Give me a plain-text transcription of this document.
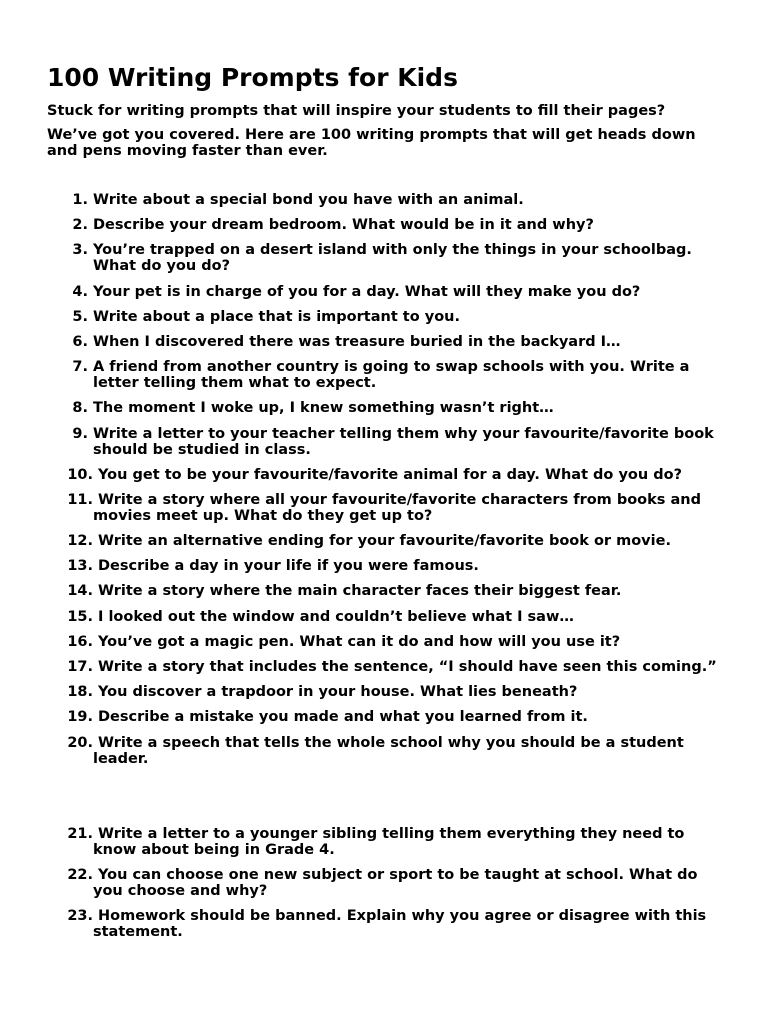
100 Writing Prompts for Kids

Stuck for writing prompts that will inspire your students to fill their pages?

We’ve got you covered. Here are 100 writing prompts that will get heads down and pens moving faster than ever.

1. Write about a special bond you have with an animal.
2. Describe your dream bedroom. What would be in it and why?
3. You’re trapped on a desert island with only the things in your schoolbag. What do you do?
4. Your pet is in charge of you for a day. What will they make you do?
5. Write about a place that is important to you.
6. When I discovered there was treasure buried in the backyard I…
7. A friend from another country is going to swap schools with you. Write a letter telling them what to expect.
8. The moment I woke up, I knew something wasn’t right…
9. Write a letter to your teacher telling them why your favourite/favorite book should be studied in class.
10. You get to be your favourite/favorite animal for a day. What do you do?
11. Write a story where all your favourite/favorite characters from books and movies meet up. What do they get up to?
12. Write an alternative ending for your favourite/favorite book or movie.
13. Describe a day in your life if you were famous.
14. Write a story where the main character faces their biggest fear.
15. I looked out the window and couldn’t believe what I saw…
16. You’ve got a magic pen. What can it do and how will you use it?
17. Write a story that includes the sentence, “I should have seen this coming.”
18. You discover a trapdoor in your house. What lies beneath?
19. Describe a mistake you made and what you learned from it.
20. Write a speech that tells the whole school why you should be a student leader.
21. Write a letter to a younger sibling telling them everything they need to know about being in Grade 4.
22. You can choose one new subject or sport to be taught at school. What do you choose and why?
23. Homework should be banned. Explain why you agree or disagree with this statement.
